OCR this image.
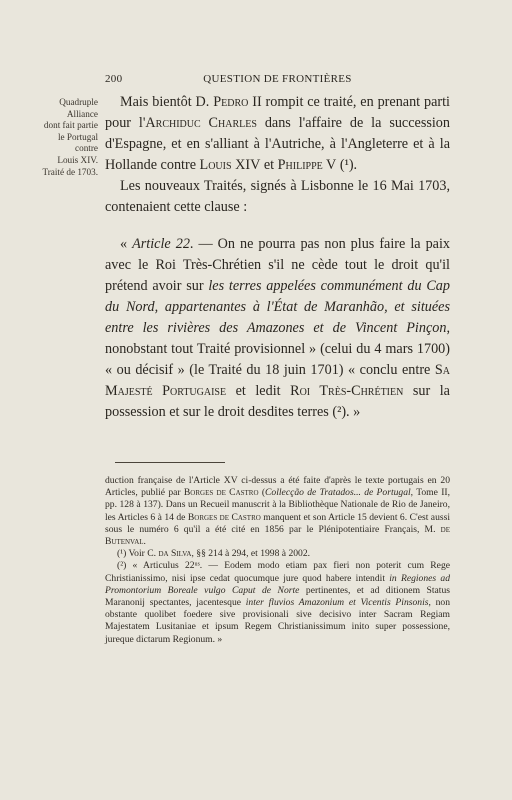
200	QUESTION DE FRONTIÈRES
Quadruple
Alliance
dont fait partie
le Portugal
contre
Louis XIV.
Traité de 1703.

Mais bientôt D. Pedro II rompit ce traité, en prenant parti pour l'Archiduc Charles dans l'affaire de la succession d'Espagne, et en s'alliant à l'Autriche, à l'Angleterre et à la Hollande contre Louis XIV et Philippe V (¹).

Les nouveaux Traités, signés à Lisbonne le 16 Mai 1703, contenaient cette clause :

« Article 22. — On ne pourra pas non plus faire la paix avec le Roi Très-Chrétien s'il ne cède tout le droit qu'il prétend avoir sur les terres appelées communément du Cap du Nord, appartenantes à l'État de Maranhão, et situées entre les rivières des Amazones et de Vincent Pinçon, nonobstant tout Traité provisionnel » (celui du 4 mars 1700) « ou décisif » (le Traité du 18 juin 1701) « conclu entre Sa Majesté Portugaise et ledit Roi Très-Chrétien sur la possession et sur le droit desdites terres (²). »

duction française de l'Article XV ci-dessus a été faite d'après le texte portugais en 20 Articles, publié par Borges de Castro (Collecção de Tratados... de Portugal, Tome II, pp. 128 à 137). Dans un Recueil manuscrit à la Bibliothèque Nationale de Rio de Janeiro, les Articles 6 à 14 de Borges de Castro manquent et son Article 15 devient 6. C'est aussi sous le numéro 6 qu'il a été cité en 1856 par le Plénipotentiaire Français, M. de Butenval.

(¹) Voir C. da Silva, §§ 214 à 294, et 1998 à 2002.

(²) « Articulus 22ᵘˢ. — Eodem modo etiam pax fieri non poterit cum Rege Christianissimo, nisi ipse cedat quocumque jure quod habere intendit in Regiones ad Promontorium Boreale vulgo Caput de Norte pertinentes, et ad ditionem Status Maranonij spectantes, jacentesque inter fluvios Amazonium et Vicentis Pinsonis, non obstante quolibet foedere sive provisionali sive decisivo inter Sacram Regiam Majestatem Lusitaniae et ipsum Regem Christianissimum inito super possessione, jureque dictarum Regionum. »
